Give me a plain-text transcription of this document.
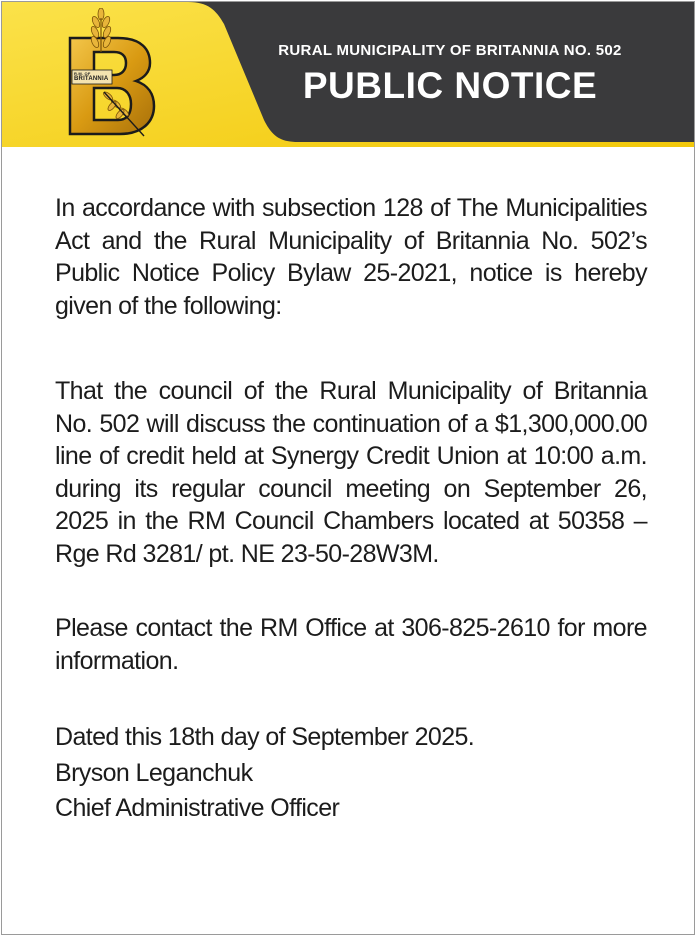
R.M. OF
BRITANNIA
RURAL MUNICIPALITY OF BRITANNIA NO. 502
PUBLIC NOTICE

In accordance with subsection 128 of The Municipalities Act and the Rural Municipality of Britannia No. 502’s Public Notice Policy Bylaw 25-2021, notice is hereby given of the following:

That the council of the Rural Municipality of Britannia No. 502 will discuss the continuation of a $1,300,000.00 line of credit held at Synergy Credit Union at 10:00 a.m. during its regular council meeting on September 26, 2025 in the RM Council Chambers located at 50358 – Rge Rd 3281/ pt. NE 23-50-28W3M.

Please contact the RM Office at 306-825-2610 for more information.

Dated this 18th day of September 2025.

Bryson Leganchuk

Chief Administrative Officer
